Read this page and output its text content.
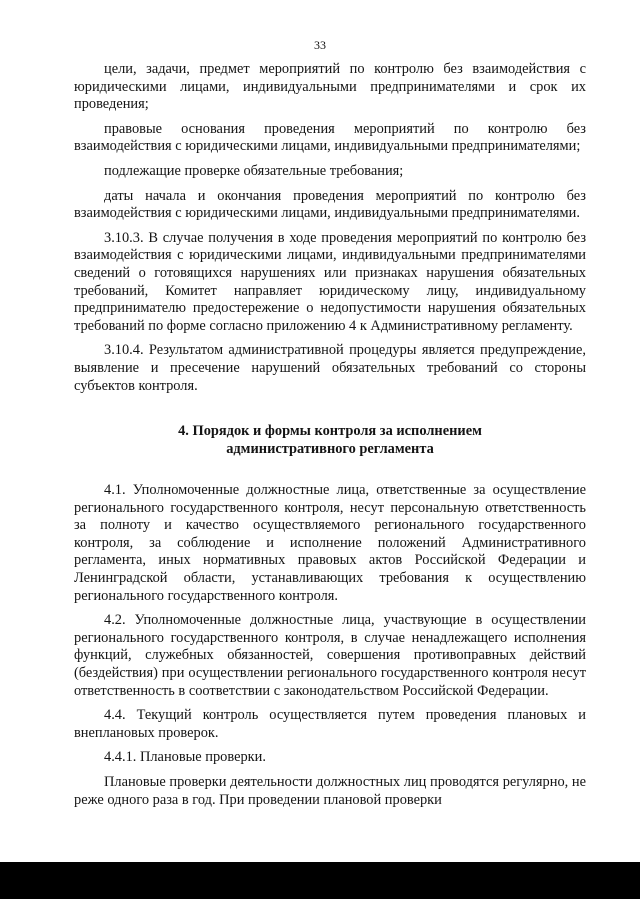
33

цели, задачи, предмет мероприятий по контролю без взаимодействия с юридическими лицами, индивидуальными предпринимателями и срок их проведения;

правовые основания проведения мероприятий по контролю без взаимодействия с юридическими лицами, индивидуальными предпринимателями;

подлежащие проверке обязательные требования;

даты начала и окончания проведения мероприятий по контролю без взаимодействия с юридическими лицами, индивидуальными предпринимателями.

3.10.3. В случае получения в ходе проведения мероприятий по контролю без взаимодействия с юридическими лицами, индивидуальными предпринимателями сведений о готовящихся нарушениях или признаках нарушения обязательных требований, Комитет направляет юридическому лицу, индивидуальному предпринимателю предостережение о недопустимости нарушения обязательных требований по форме согласно приложению 4 к Административному регламенту.

3.10.4. Результатом административной процедуры является предупреждение, выявление и пресечение нарушений обязательных требований со стороны субъектов контроля.

4. Порядок и формы контроля за исполнением
административного регламента

4.1. Уполномоченные должностные лица, ответственные за осуществление регионального государственного контроля, несут персональную ответственность за полноту и качество осуществляемого регионального государственного контроля, за соблюдение и исполнение положений Административного регламента, иных нормативных правовых актов Российской Федерации и Ленинградской области, устанавливающих требования к осуществлению регионального государственного контроля.

4.2. Уполномоченные должностные лица, участвующие в осуществлении регионального государственного контроля, в случае ненадлежащего исполнения функций, служебных обязанностей, совершения противоправных действий (бездействия) при осуществлении регионального государственного контроля несут ответственность в соответствии с законодательством Российской Федерации.

4.4. Текущий контроль осуществляется путем проведения плановых и внеплановых проверок.

4.4.1. Плановые проверки.

Плановые проверки деятельности должностных лиц проводятся регулярно, не реже одного раза в год. При проведении плановой проверки
